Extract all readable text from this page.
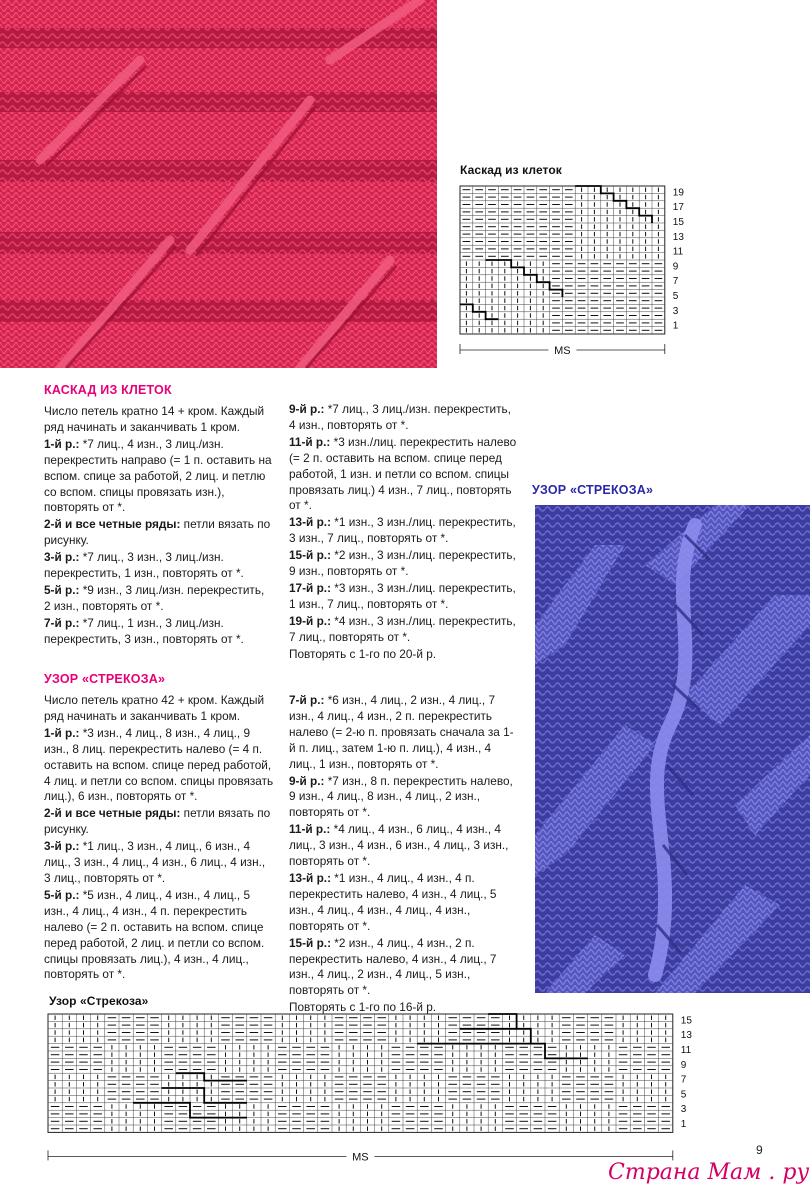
Каскад из клеток
19
17
15
13
11
9
7
5
3
1
MS
КАСКАД ИЗ КЛЕТОК

Число петель кратно 14 + кром. Каждый ряд начинать и заканчивать 1 кром.

1-й р.: *7 лиц., 4 изн., 3 лиц./изн. перекрестить направо (= 1 п. оставить на вспом. спице за работой, 2 лиц. и петлю со вспом. спицы провязать изн.), повторять от *.

2-й и все четные ряды: петли вязать по рисунку.

3-й р.: *7 лиц., 3 изн., 3 лиц./изн. перекрестить, 1 изн., повторять от *.

5-й р.: *9 изн., 3 лиц./изн. перекрестить, 2 изн., повторять от *.

7-й р.: *7 лиц., 1 изн., 3 лиц./изн. перекрестить, 3 изн., повторять от *.

9-й р.: *7 лиц., 3 лиц./изн. перекрестить, 4 изн., повторять от *.

11-й р.: *3 изн./лиц. перекрестить налево (= 2 п. оставить на вспом. спице перед работой, 1 изн. и петли со вспом. спицы провязать лиц.) 4 изн., 7 лиц., повторять от *.

13-й р.: *1 изн., 3 изн./лиц. перекрестить, 3 изн., 7 лиц., повторять от *.

15-й р.: *2 изн., 3 изн./лиц. перекрестить, 9 изн., повторять от *.

17-й р.: *3 изн., 3 изн./лиц. перекрестить, 1 изн., 7 лиц., повторять от *.

19-й р.: *4 изн., 3 изн./лиц. перекрестить, 7 лиц., повторять от *.

Повторять с 1-го по 20-й р.

УЗОР «СТРЕКОЗА»
УЗОР «СТРЕКОЗА»

Число петель кратно 42 + кром. Каждый ряд начинать и заканчивать 1 кром.

1-й р.: *3 изн., 4 лиц., 8 изн., 4 лиц., 9 изн., 8 лиц. перекрестить налево (= 4 п. оставить на вспом. спице перед работой, 4 лиц. и петли со вспом. спицы провязать лиц.), 6 изн., повторять от *.

2-й и все четные ряды: петли вязать по рисунку.

3-й р.: *1 лиц., 3 изн., 4 лиц., 6 изн., 4 лиц., 3 изн., 4 лиц., 4 изн., 6 лиц., 4 изн., 3 лиц., повторять от *.

5-й р.: *5 изн., 4 лиц., 4 изн., 4 лиц., 5 изн., 4 лиц., 4 изн., 4 п. перекрестить налево (= 2 п. оставить на вспом. спице перед работой, 2 лиц. и петли со вспом. спицы провязать лиц.), 4 изн., 4 лиц., повторять от *.

7-й р.: *6 изн., 4 лиц., 2 изн., 4 лиц., 7 изн., 4 лиц., 4 изн., 2 п. перекрестить налево (= 2-ю п. провязать сначала за 1-й п. лиц., затем 1-ю п. лиц.), 4 изн., 4 лиц., 1 изн., повторять от *.

9-й р.: *7 изн., 8 п. перекрестить налево, 9 изн., 4 лиц., 8 изн., 4 лиц., 2 изн., повторять от *.

11-й р.: *4 лиц., 4 изн., 6 лиц., 4 изн., 4 лиц., 3 изн., 4 изн., 6 изн., 4 лиц., 3 изн., повторять от *.

13-й р.: *1 изн., 4 лиц., 4 изн., 4 п. перекрестить налево, 4 изн., 4 лиц., 5 изн., 4 лиц., 4 изн., 4 лиц., 4 изн., повторять от *.

15-й р.: *2 изн., 4 лиц., 4 изн., 2 п. перекрестить налево, 4 изн., 4 лиц., 7 изн., 4 лиц., 2 изн., 4 лиц., 5 изн., повторять от *.

Повторять с 1-го по 16-й р.

Узор «Стрекоза»
15
13
11
9
7
5
3
1
MS
9
Страна Мам . ру
